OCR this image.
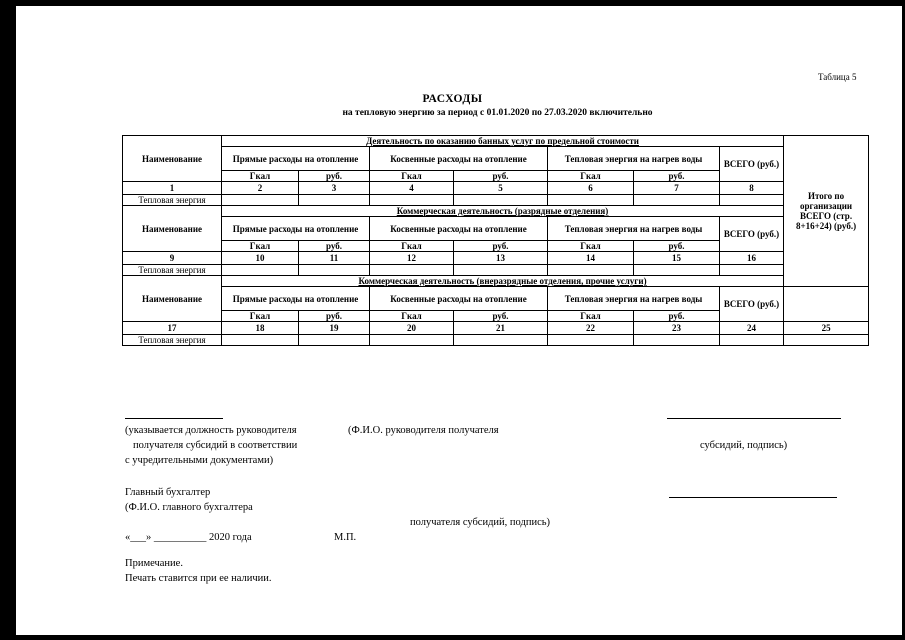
Таблица 5
РАСХОДЫ
на тепловую энергию за период с 01.01.2020 по 27.03.2020 включительно
Наименование	Деятельность по оказанию банных услуг по предельной стоимости							Итого по организации ВСЕГО (стр. 8+16+24) (руб.)	
	Прямые расходы на отопление		Косвенные расходы на отопление		Тепловая энергия на нагрев воды		ВСЕГО (руб.)		
	Гкал	руб.	Гкал	руб.	Гкал	руб.			
1	2	3	4	5	6	7	8		
Тепловая энергия									
Наименование	Коммерческая деятельность (разрядные отделения)								
	Прямые расходы на отопление		Косвенные расходы на отопление		Тепловая энергия на нагрев воды		ВСЕГО (руб.)		
	Гкал	руб.	Гкал	руб.	Гкал	руб.			
9	10	11	12	13	14	15	16		
Тепловая энергия									
Наименование	Коммерческая деятельность (внеразрядные отделения, прочие услуги)								
	Прямые расходы на отопление		Косвенные расходы на отопление		Тепловая энергия на нагрев воды		ВСЕГО (руб.)		
	Гкал	руб.	Гкал	руб.	Гкал	руб.			
17	18	19	20	21	22	23	24	25	
Тепловая энергия									
(указывается должность руководителя
получателя субсидий в соответствии
с учредительными документами)
(Ф.И.О. руководителя получателя
субсидий, подпись)
Главный бухгалтер
(Ф.И.О. главного бухгалтера
получателя субсидий, подпись)
«___» __________ 2020 года	М.П.
Примечание.
Печать ставится при ее наличии.
